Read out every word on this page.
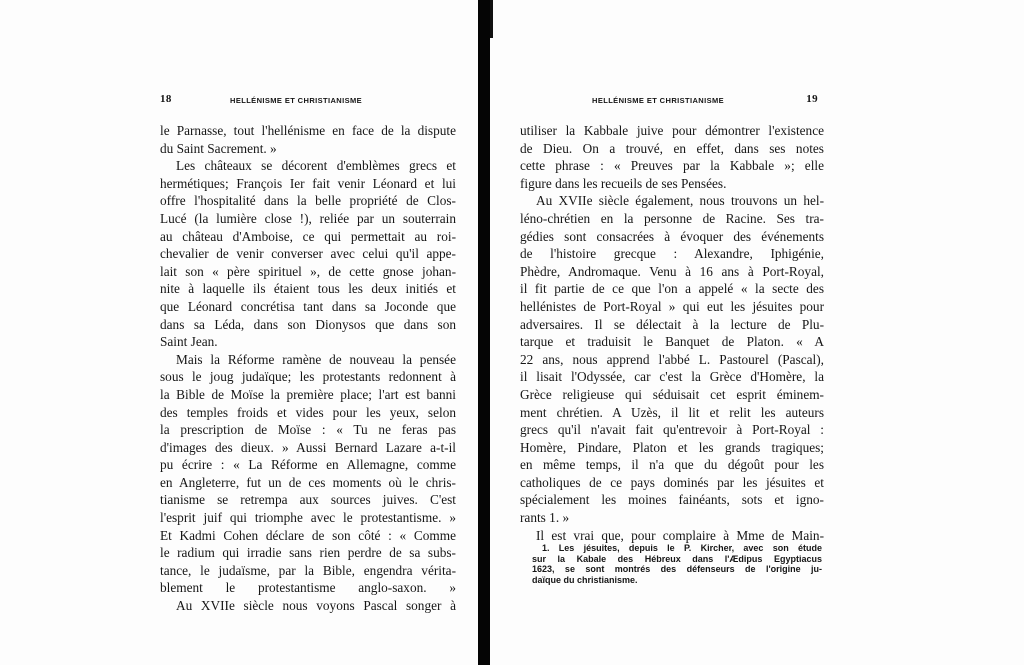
18	HELLÉNISME ET CHRISTIANISME
le Parnasse, tout l'hellénisme en face de la dispute
du Saint Sacrement. »
Les châteaux se décorent d'emblèmes grecs et
hermétiques; François Ier fait venir Léonard et lui
offre l'hospitalité dans la belle propriété de Clos-
Lucé (la lumière close !), reliée par un souterrain
au château d'Amboise, ce qui permettait au roi-
chevalier de venir converser avec celui qu'il appe-
lait son « père spirituel », de cette gnose johan-
nite à laquelle ils étaient tous les deux initiés et
que Léonard concrétisa tant dans sa Joconde que
dans sa Léda, dans son Dionysos que dans son
Saint Jean.
Mais la Réforme ramène de nouveau la pensée
sous le joug judaïque; les protestants redonnent à
la Bible de Moïse la première place; l'art est banni
des temples froids et vides pour les yeux, selon
la prescription de Moïse : « Tu ne feras pas
d'images des dieux. » Aussi Bernard Lazare a-t-il
pu écrire : « La Réforme en Allemagne, comme
en Angleterre, fut un de ces moments où le chris-
tianisme se retrempa aux sources juives. C'est
l'esprit juif qui triomphe avec le protestantisme. »
Et Kadmi Cohen déclare de son côté : « Comme
le radium qui irradie sans rien perdre de sa subs-
tance, le judaïsme, par la Bible, engendra vérita-
blement le protestantisme anglo-saxon. »
Au XVIIe siècle nous voyons Pascal songer à
HELLÉNISME ET CHRISTIANISME	19
utiliser la Kabbale juive pour démontrer l'existence
de Dieu. On a trouvé, en effet, dans ses notes
cette phrase : « Preuves par la Kabbale »; elle
figure dans les recueils de ses Pensées.
Au XVIIe siècle également, nous trouvons un hel-
léno-chrétien en la personne de Racine. Ses tra-
gédies sont consacrées à évoquer des événements
de l'histoire grecque : Alexandre, Iphigénie,
Phèdre, Andromaque. Venu à 16 ans à Port-Royal,
il fit partie de ce que l'on a appelé « la secte des
hellénistes de Port-Royal » qui eut les jésuites pour
adversaires. Il se délectait à la lecture de Plu-
tarque et traduisit le Banquet de Platon. « A
22 ans, nous apprend l'abbé L. Pastourel (Pascal),
il lisait l'Odyssée, car c'est la Grèce d'Homère, la
Grèce religieuse qui séduisait cet esprit éminem-
ment chrétien. A Uzès, il lit et relit les auteurs
grecs qu'il n'avait fait qu'entrevoir à Port-Royal :
Homère, Pindare, Platon et les grands tragiques;
en même temps, il n'a que du dégoût pour les
catholiques de ce pays dominés par les jésuites et
spécialement les moines fainéants, sots et igno-
rants 1. »
Il est vrai que, pour complaire à Mme de Main-
1. Les jésuites, depuis le P. Kircher, avec son étude
sur la Kabale des Hébreux dans l'Ædipus Egyptiacus
1623, se sont montrés des défenseurs de l'origine ju-
daïque du christianisme.
